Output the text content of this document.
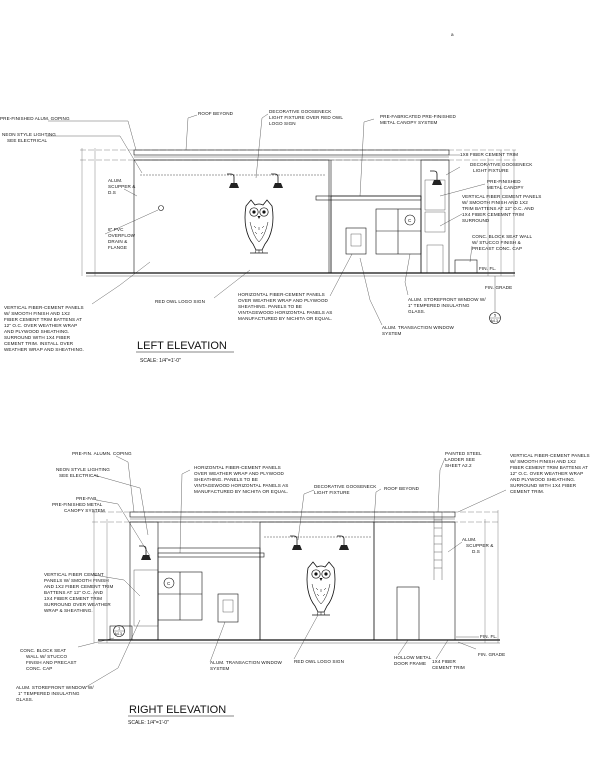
a
C
5
A4.3
PRE-FINISHED ALUM. GOPING
NEON STYLE LIGHTING SEE ELECTRICAL
ROOF BEYOND	DECORATIVE GOOSENECK LIGHT FIXTURE OVER RED OWL LOGO SIGN
PRE-FABRICATED PRE-FINISHED METAL CANOPY SYSTEM
1X8 FIBER CEMENT TRIM
DECORATIVE GOOSENECK LIGHT FIXTURE
PRE-FINISHED METAL CANOPY
ALUM. SCUPPER & D.S
8" PVC OVERFLOW DRAIN & FLANGE
VERTICAL FIBER CEMENT PANELS W/ SMOOTH FINISH AND 1X2 TRIM BATTENS AT 12" O.C. AND 1X4 FIBER CEMEMNT TRIM SURROUND
CONC. BLOCK SEAT WALL W/ STUCCO FINISH & PRECAST CONC. CAP
FIN. FL.
FIN. GRADE
VERTICAL FIBER-CEMENT PANELS W/ SMOOTH FINISH AND 1X2 FIBER CEMENT TRIM BATTENS AT 12" O.C. OVER WEATHER WRAP AND PLYWOOD SHEATHING. SURROUND WITH 1X4 FIBER CEMENT TRIM. INSTALL OVER WEATHER WRAP AND SHEATHING.
RED OWL LOGO SIGN
HORIZONTAL FIBER-CEMENT PANELS OVER WEATHER WRAP AND PLYWOOD SHEATHING. PANELS TO BE VINTAGEWOOD HORIZONTAL PANELS AS MANUFACTURED BY NICHITA OR EQUAL.
ALUM. TRANSACTION WINDOW SYSTEM
ALUM. STOREFRONT WINDOW W/ 1" TEMPERED INSULATING GLASS.
LEFT ELEVATION
SCALE: 1/4"=1'-0"
C
1
A4.3
PRE-FIN. ALUMN. COPING
NEON STYLE LIGHTING SEE ELECTRICAL
HORIZONTAL FIBER-CEMENT PANELS OVER WEATHER WRAP AND PLYWOOD SHEATHING. PANELS TO BE VINTAGEWOOD HORIZONTAL PANELS AS MANUFACTURED BY NICHITA OR EQUAL.
PAINTED STEEL LADDER SEE SHEET A2.2
VERTICAL FIBER-CEMENT PANELS W/ SMOOTH FINISH AND 1X2 FIBER CEMENT TRIM BATTENS AT 12" O.C. OVER WEATHER WRAP AND PLYWOOD SHEATHING. SURROUND WITH 1X4 FIBER CEMENT TRIM.
PRE-FAB. PRE-FINISHED METAL CANOPY SYSTEM
DECORATIVE GOOSENECK LIGHT FIXTURE
ROOF BEYOND
ALUM. SCUPPER & D.S
VERTICAL FIBER CEMENT PANELS W/ SMOOTH FINISH AND 1X2 FIBER CEMENT TRIM BATTENS AT 12" O.C. AND 1X4 FIBER CEMENT TRIM SURROUND OVER WEATHER WRAP & SHEATHING.
FIN. FL.
FIN. GRADE
CONC. BLOCK SEAT WALL W/ STUCCO FINISH AND PRECAST CONC. CAP
ALUM. STOREFRONT WINDOW W/ 1" TEMPERED INSULATING GLASS.
ALUM. TRANSACTION WINDOW SYSTEM
RED OWL LOGO SIGN
HOLLOW METAL DOOR FRAME	1X4 FIBER CEMENT TRIM
RIGHT ELEVATION
SCALE: 1/4"=1'-0"
